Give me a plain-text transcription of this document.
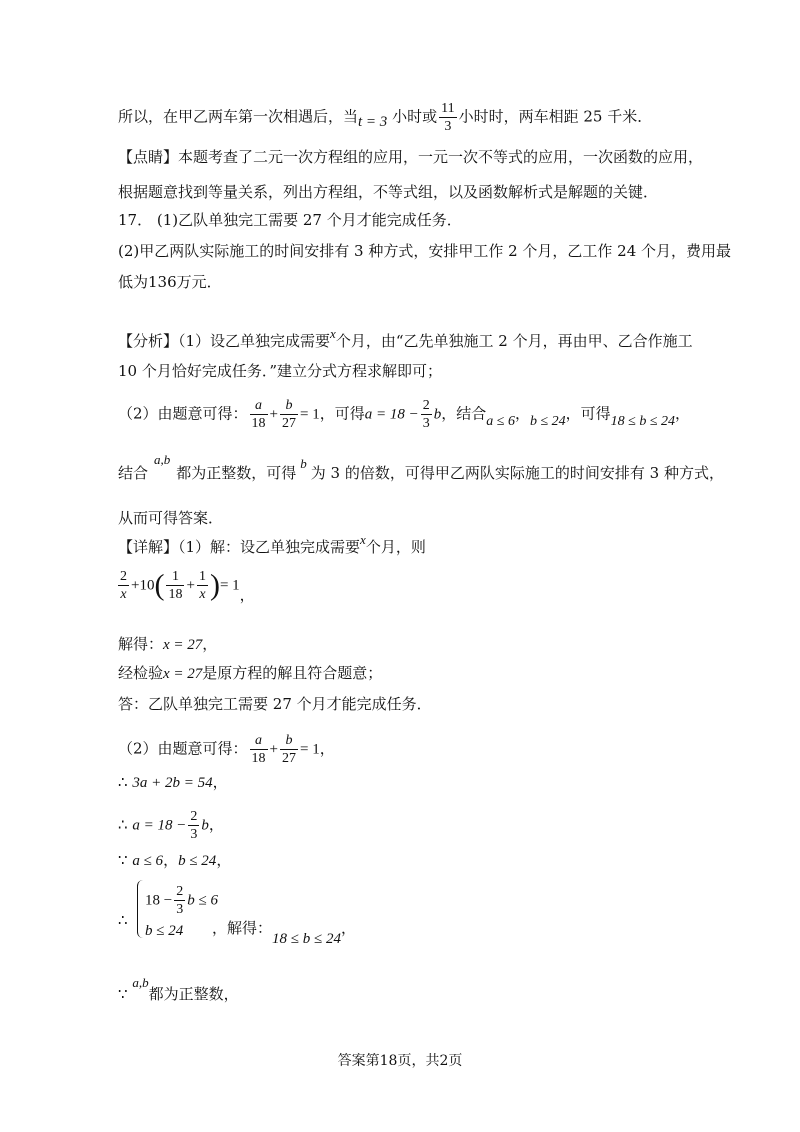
所以，在甲乙两车第一次相遇后，当t = 3 小时或 $\frac{11}{3}$ 小时时，两车相距 25 千米．
【点睛】本题考查了二元一次方程组的应用，一元一次不等式的应用，一次函数的应用，
根据题意找到等量关系，列出方程组，不等式组，以及函数解析式是解题的关键．
17． (1)乙队单独完工需要 27 个月才能完成任务．
(2)甲乙两队实际施工的时间安排有 3 种方式，安排甲工作 2 个月，乙工作 24 个月，费用最
低为136万元．
【分析】（1）设乙单独完成需要x个月，由“乙先单独施工 2 个月，再由甲、乙合作施工
10 个月恰好完成任务．”建立分式方程求解即可；
（2）由题意可得： $\frac{a}{18} + \frac{b}{27} = 1$，可得$a = 18 - \frac{2}{3}$ b，结合a ≤ 6，b ≤ 24，可得18 ≤ b ≤ 24，
结合a,b都为正整数，可得b为 3 的倍数，可得甲乙两队实际施工的时间安排有 3 种方式，
从而可得答案．
【详解】（1）解：设乙单独完成需要x个月，则
$\frac{2}{x} +10( \frac{1}{18} + \frac{1}{x}$ )= 1，
解得：x = 27，
经检验x = 27是原方程的解且符合题意；
答：乙队单独完工需要 27 个月才能完成任务．
（2）由题意可得： $\frac{a}{18} + \frac{b}{27} = 1$，
∴ 3a + 2b = 54，
∴ $a = 18 - \frac{2}{3}$ b，
∵ a ≤ 6，b ≤ 24，
∴
$18 - \frac{2}{3}$ b ≤ 6
b ≤ 24 ，解得：18 ≤ b ≤ 24，
∵ a,b都为正整数，
答案第18页，共2页
